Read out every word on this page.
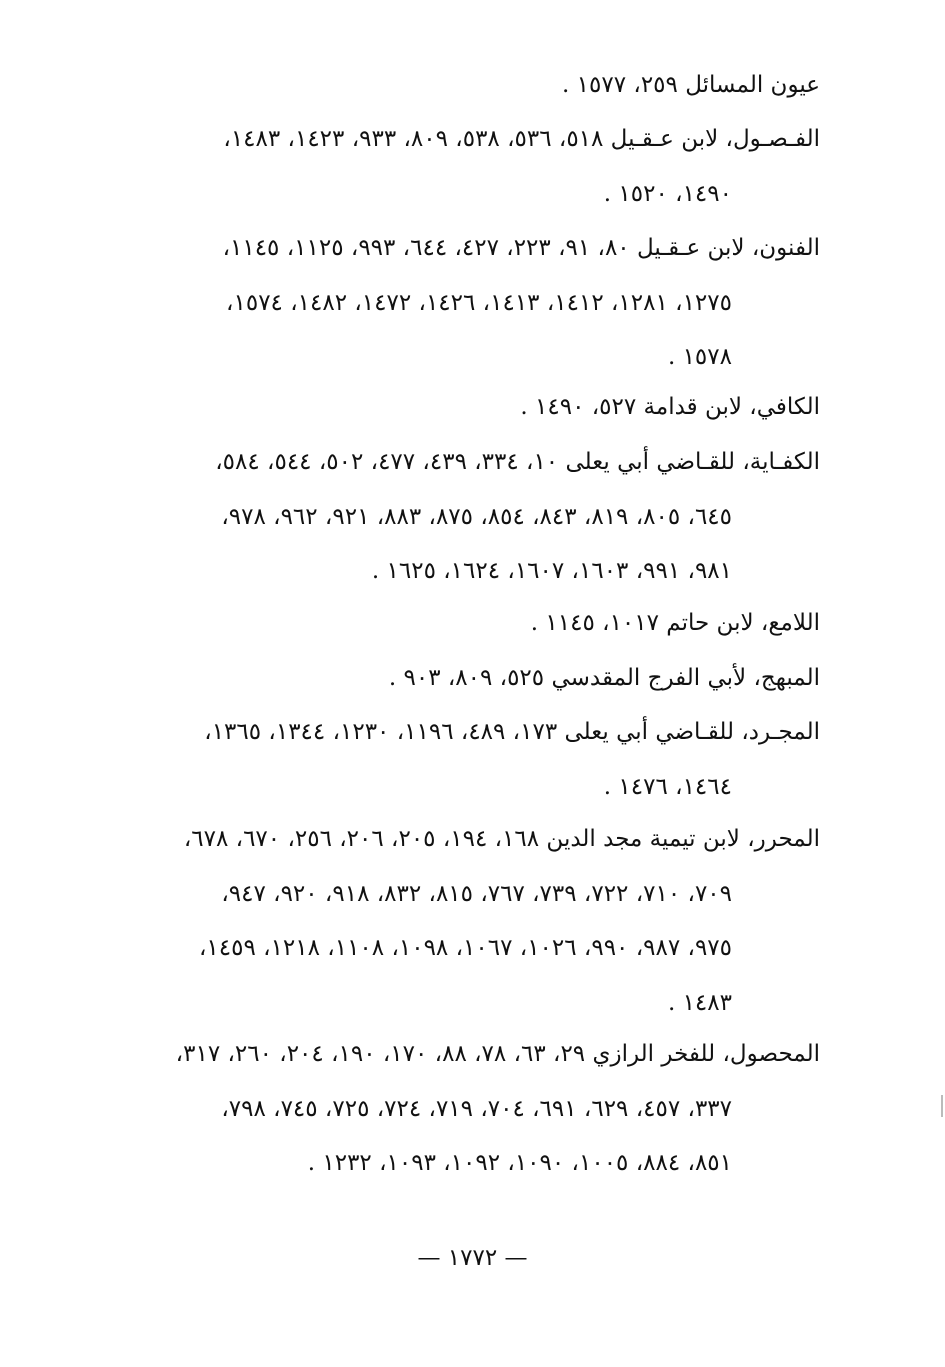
عيون المسائل ٢٥٩، ١٥٧٧ .
الفـصـول، لابن عـقـيل ٥١٨، ٥٣٦، ٥٣٨، ٨٠٩، ٩٣٣، ١٤٢٣، ١٤٨٣،
١٤٩٠، ١٥٢٠ .
الفنون، لابن عـقـيل ٨٠، ٩١، ٢٢٣، ٤٢٧، ٦٤٤، ٩٩٣، ١١٢٥، ١١٤٥،
١٢٧٥، ١٢٨١، ١٤١٢، ١٤١٣، ١٤٢٦، ١٤٧٢، ١٤٨٢، ١٥٧٤،
١٥٧٨ .
الكافي، لابن قدامة ٥٢٧، ١٤٩٠ .
الكفـاية، للقـاضي أبي يعلى ١٠، ٣٣٤، ٤٣٩، ٤٧٧، ٥٠٢، ٥٤٤، ٥٨٤،
٦٤٥، ٨٠٥، ٨١٩، ٨٤٣، ٨٥٤، ٨٧٥، ٨٨٣، ٩٢١، ٩٦٢، ٩٧٨،
٩٨١، ٩٩١، ١٦٠٣، ١٦٠٧، ١٦٢٤، ١٦٢٥ .
اللامع، لابن حاتم ١٠١٧، ١١٤٥ .
المبهج، لأبي الفرج المقدسي ٥٢٥، ٨٠٩، ٩٠٣ .
المجـرد، للقـاضي أبي يعلى ١٧٣، ٤٨٩، ١١٩٦، ١٢٣٠، ١٣٤٤، ١٣٦٥،
١٤٦٤، ١٤٧٦ .
المحرر، لابن تيمية مجد الدين ١٦٨، ١٩٤، ٢٠٥، ٢٠٦، ٢٥٦، ٦٧٠، ٦٧٨،
٧٠٩، ٧١٠، ٧٢٢، ٧٣٩، ٧٦٧، ٨١٥، ٨٣٢، ٩١٨، ٩٢٠، ٩٤٧،
٩٧٥، ٩٨٧، ٩٩٠، ١٠٢٦، ١٠٦٧، ١٠٩٨، ١١٠٨، ١٢١٨، ١٤٥٩،
١٤٨٣ .
المحصول، للفخر الرازي ٢٩، ٦٣، ٧٨، ٨٨، ١٧٠، ١٩٠، ٢٠٤، ٢٦٠، ٣١٧،
٣٣٧، ٤٥٧، ٦٢٩، ٦٩١، ٧٠٤، ٧١٩، ٧٢٤، ٧٢٥، ٧٤٥، ٧٩٨،
٨٥١، ٨٨٤، ١٠٠٥، ١٠٩٠، ١٠٩٢، ١٠٩٣، ١٢٣٢ .
— ١٧٧٢ —
